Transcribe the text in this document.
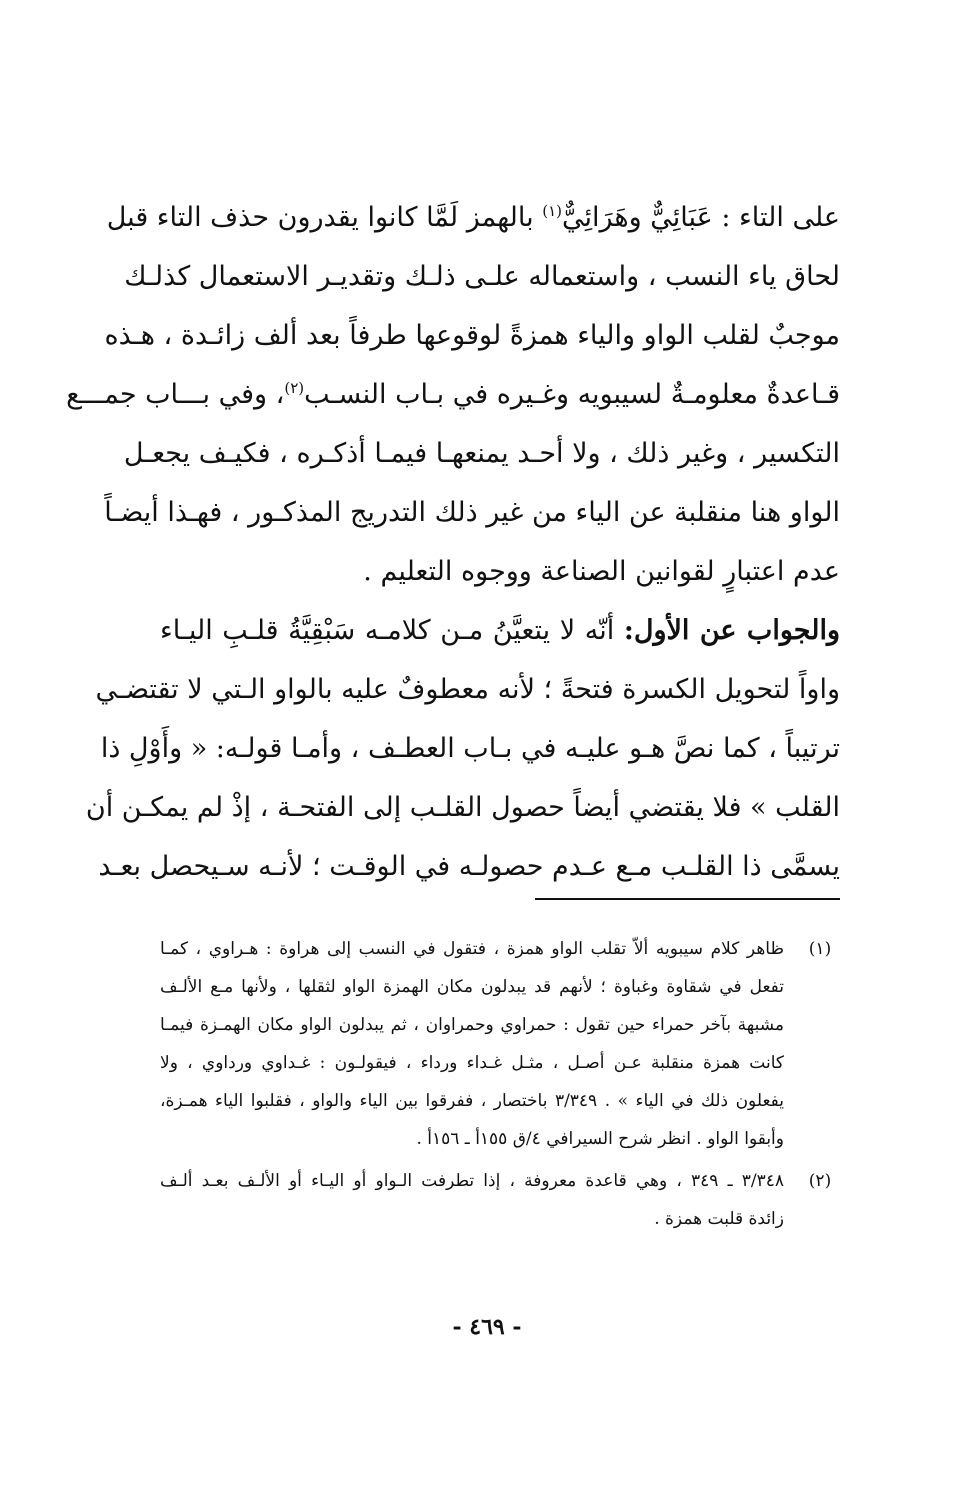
على التاء : عَبَائِيٌّ وهَرَائِيٌّ$^{(١)}$ بالهمز لَمَّا كانوا يقدرون حذف التاء قبل
لحاق ياء النسب ، واستعماله علـى ذلـك وتقديـر الاستعمال كذلـك
موجبٌ لقلب الواو والياء همزةً لوقوعها طرفاً بعد ألف زائـدة ، هـذه
قـاعدةٌ معلومـةٌ لسيبويه وغـيره في بـاب النسـب$^{(٢)}$، وفي بـــاب جمـــع
التكسير ، وغير ذلك ، ولا أحـد يمنعهـا فيمـا أذكـره ، فكيـف يجعـل
الواو هنا منقلبة عن الياء من غير ذلك التدريج المذكـور ، فهـذا أيضـاً
عدم اعتبارٍ لقوانين الصناعة ووجوه التعليم .
والجواب عن الأول: أنّه لا يتعيَّنُ مـن كلامـه سَبْقِيَّةُ قلـبِ اليـاء
واواً لتحويل الكسرة فتحةً ؛ لأنه معطوفٌ عليه بالواو الـتي لا تقتضـي
ترتيباً ، كما نصَّ هـو عليـه في بـاب العطـف ، وأمـا قولـه: « وأَوْلِ ذا
القلب » فلا يقتضي أيضاً حصول القلـب إلى الفتحـة ، إذْ لم يمكـن أن
يسمَّى ذا القلـب مـع عـدم حصولـه في الوقـت ؛ لأنـه سـيحصل بعـد
(١)
ظاهر كلام سيبويه ألاّ تقلب الواو همزة ، فتقول في النسب إلى هراوة : هـراوي ، كمـا
تفعل في شقاوة وغباوة ؛ لأنهم قد يبدلون مكان الهمزة الواو لثقلها ، ولأنها مـع الألـف
مشبهة بآخر حمراء حين تقول : حمراوي وحمراوان ، ثم يبدلون الواو مكان الهمـزة فيمـا
كانت همزة منقلبة عـن أصـل ، مثـل غـداء ورداء ، فيقولـون : غـداوي ورداوي ، ولا
يفعلون ذلك في الياء » . ٣/٣٤٩ باختصار ، ففرقوا بين الياء والواو ، فقلبوا الياء همـزة،
وأبقوا الواو . انظر شرح السيرافي ٤/ق ١٥٥أ ـ ١٥٦أ .
(٢)
٣/٣٤٨ ـ ٣٤٩ ، وهي قاعدة معروفة ، إذا تطرفت الـواو أو اليـاء أو الألـف بعـد ألـف
زائدة قلبت همزة .
- ٤٦٩ -
